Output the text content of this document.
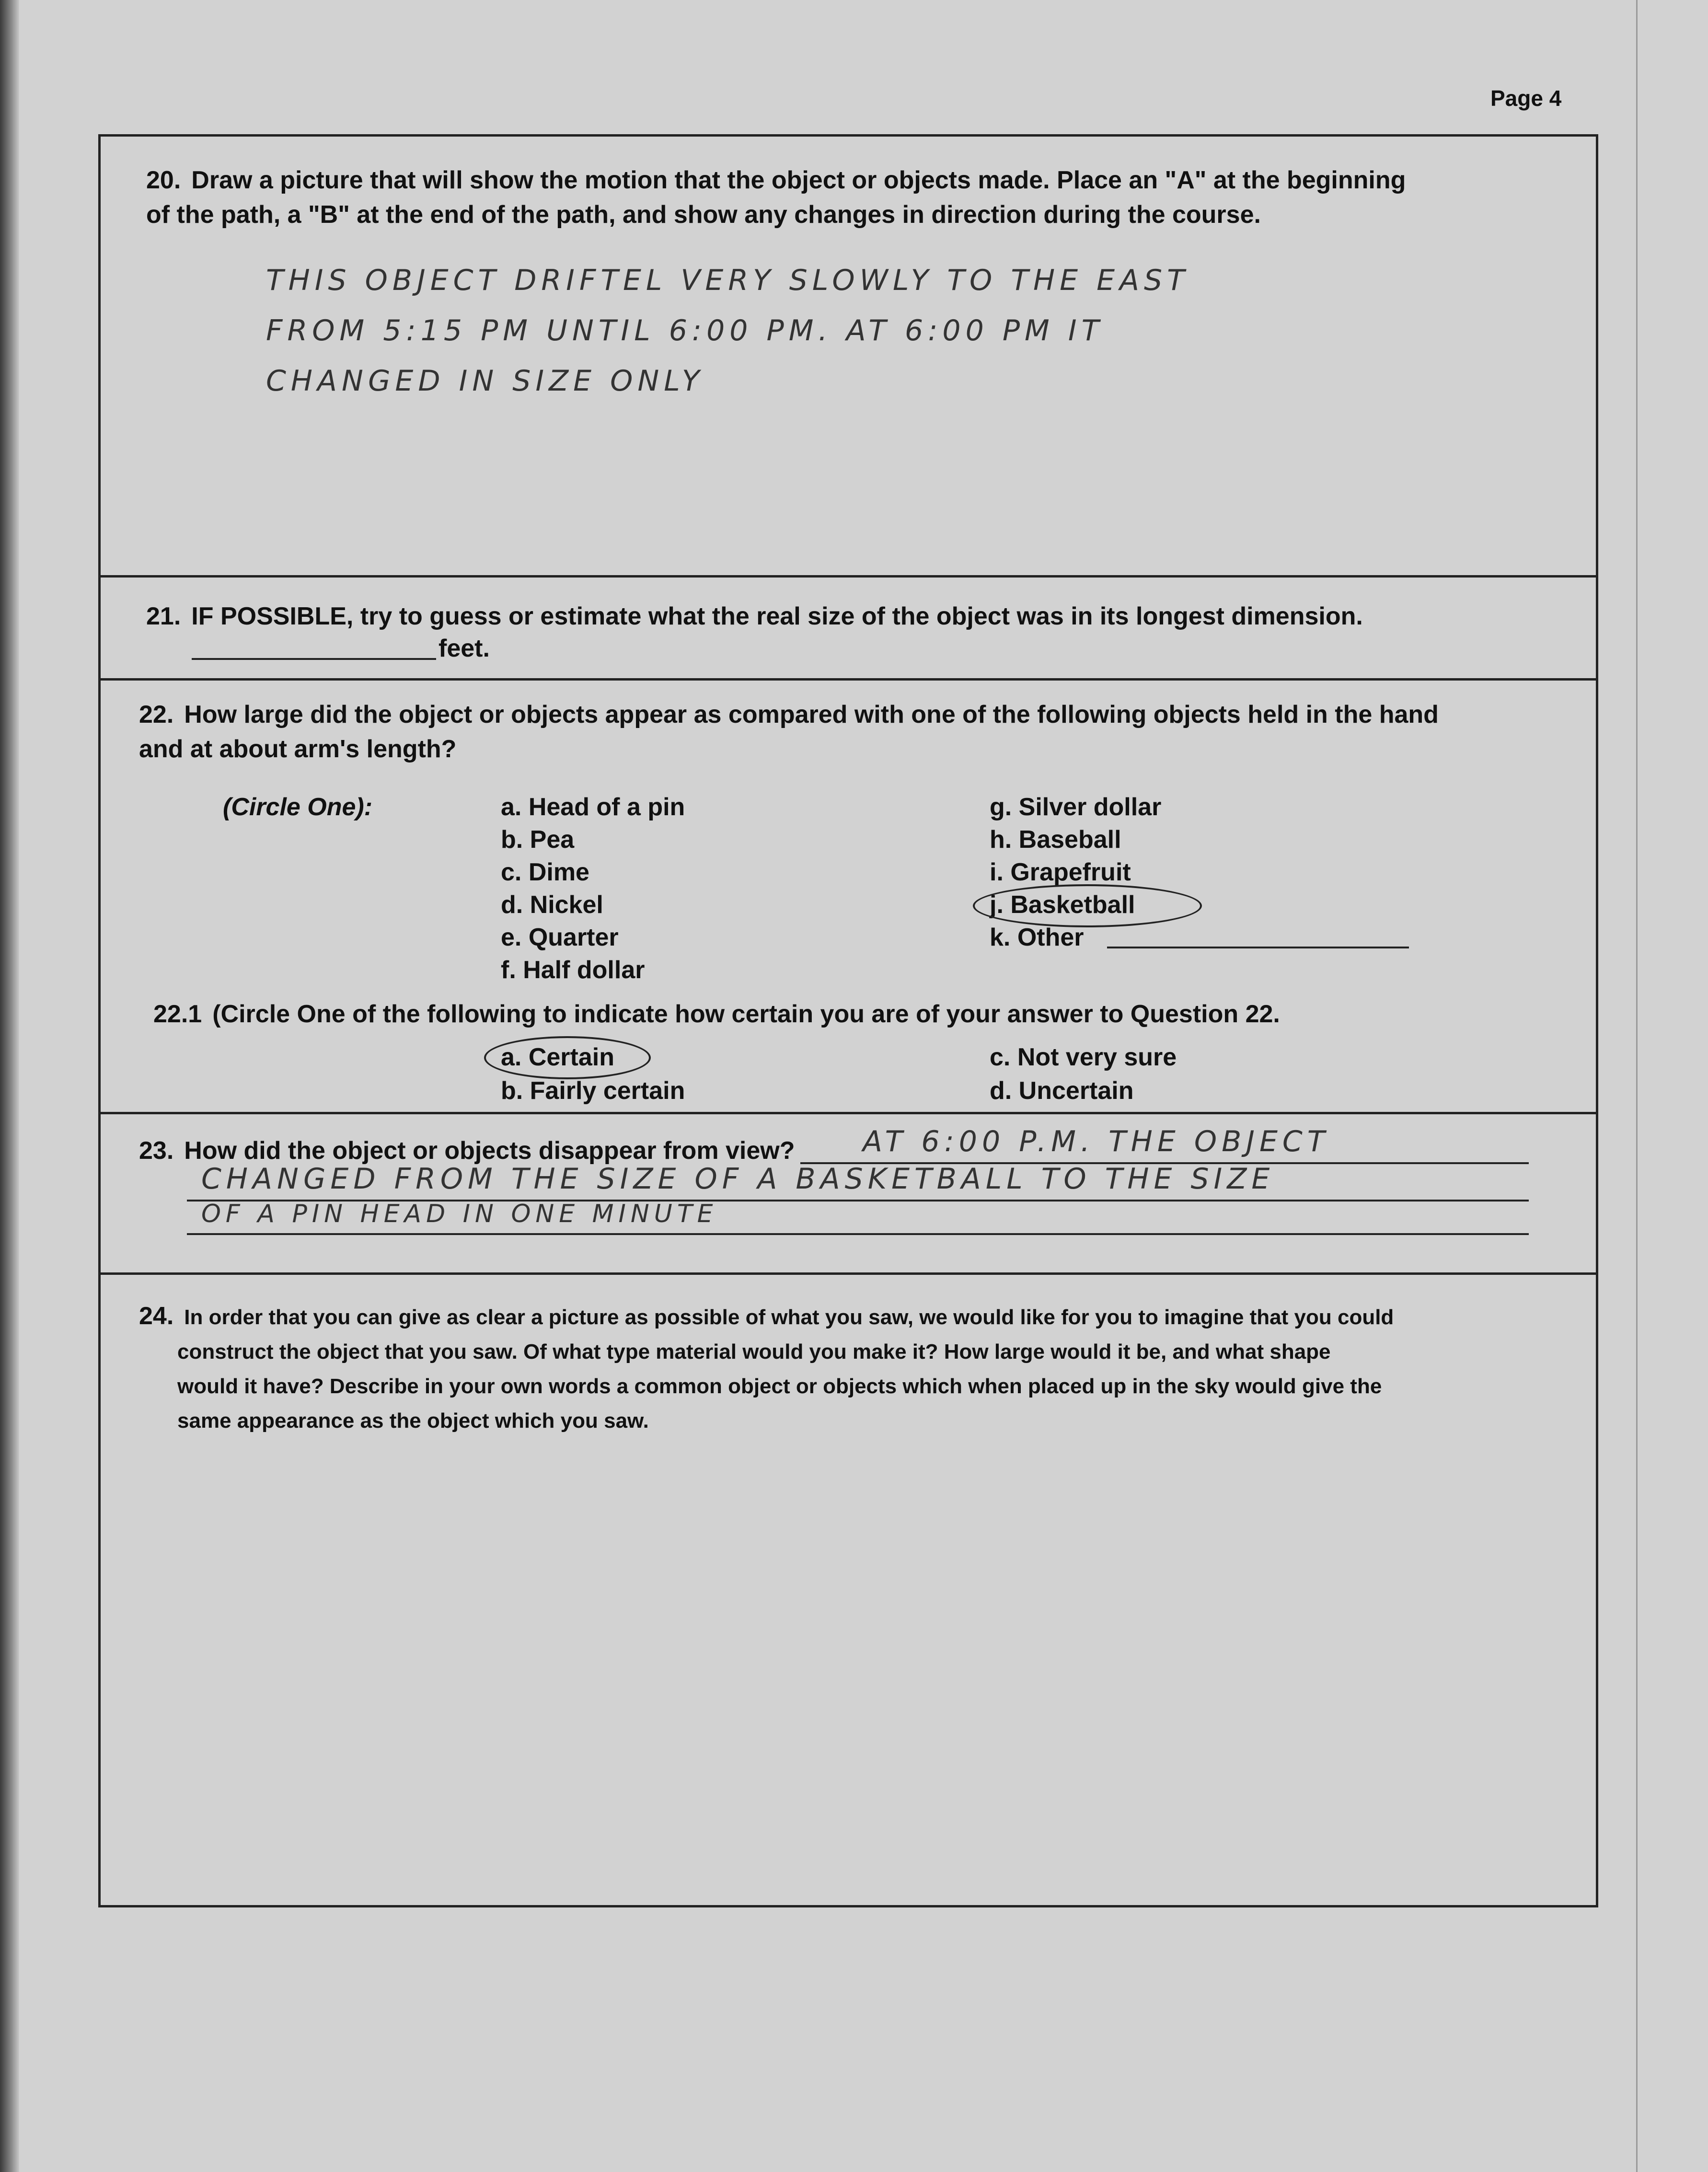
Page 4
20. Draw a picture that will show the motion that the object or objects made. Place an "A" at the beginning
of the path, a "B" at the end of the path, and show any changes in direction during the course.
THIS OBJECT DRIFTEL VERY SLOWLY TO THE EAST
FROM 5:15 PM UNTIL 6:00 PM. AT 6:00 PM IT
CHANGED IN SIZE ONLY
21. IF POSSIBLE, try to guess or estimate what the real size of the object was in its longest dimension.
feet.
22. How large did the object or objects appear as compared with one of the following objects held in the hand
and at about arm's length?
(Circle One):	a. Head of a pin
b. Pea
c. Dime
d. Nickel
e. Quarter
f. Half dollar
g. Silver dollar
h. Baseball
i. Grapefruit
j. Basketball
k. Other
22.1 (Circle One of the following to indicate how certain you are of your answer to Question 22.
a. Certain
b. Fairly certain
c. Not very sure
d. Uncertain
23. How did the object or objects disappear from view? AT 6:00 P.M. THE OBJECT
CHANGED FROM THE SIZE OF A BASKETBALL TO THE SIZE
OF A PIN HEAD IN ONE MINUTE
24. In order that you can give as clear a picture as possible of what you saw, we would like for you to imagine that you could
construct the object that you saw. Of what type material would you make it? How large would it be, and what shape
would it have? Describe in your own words a common object or objects which when placed up in the sky would give the
same appearance as the object which you saw.
